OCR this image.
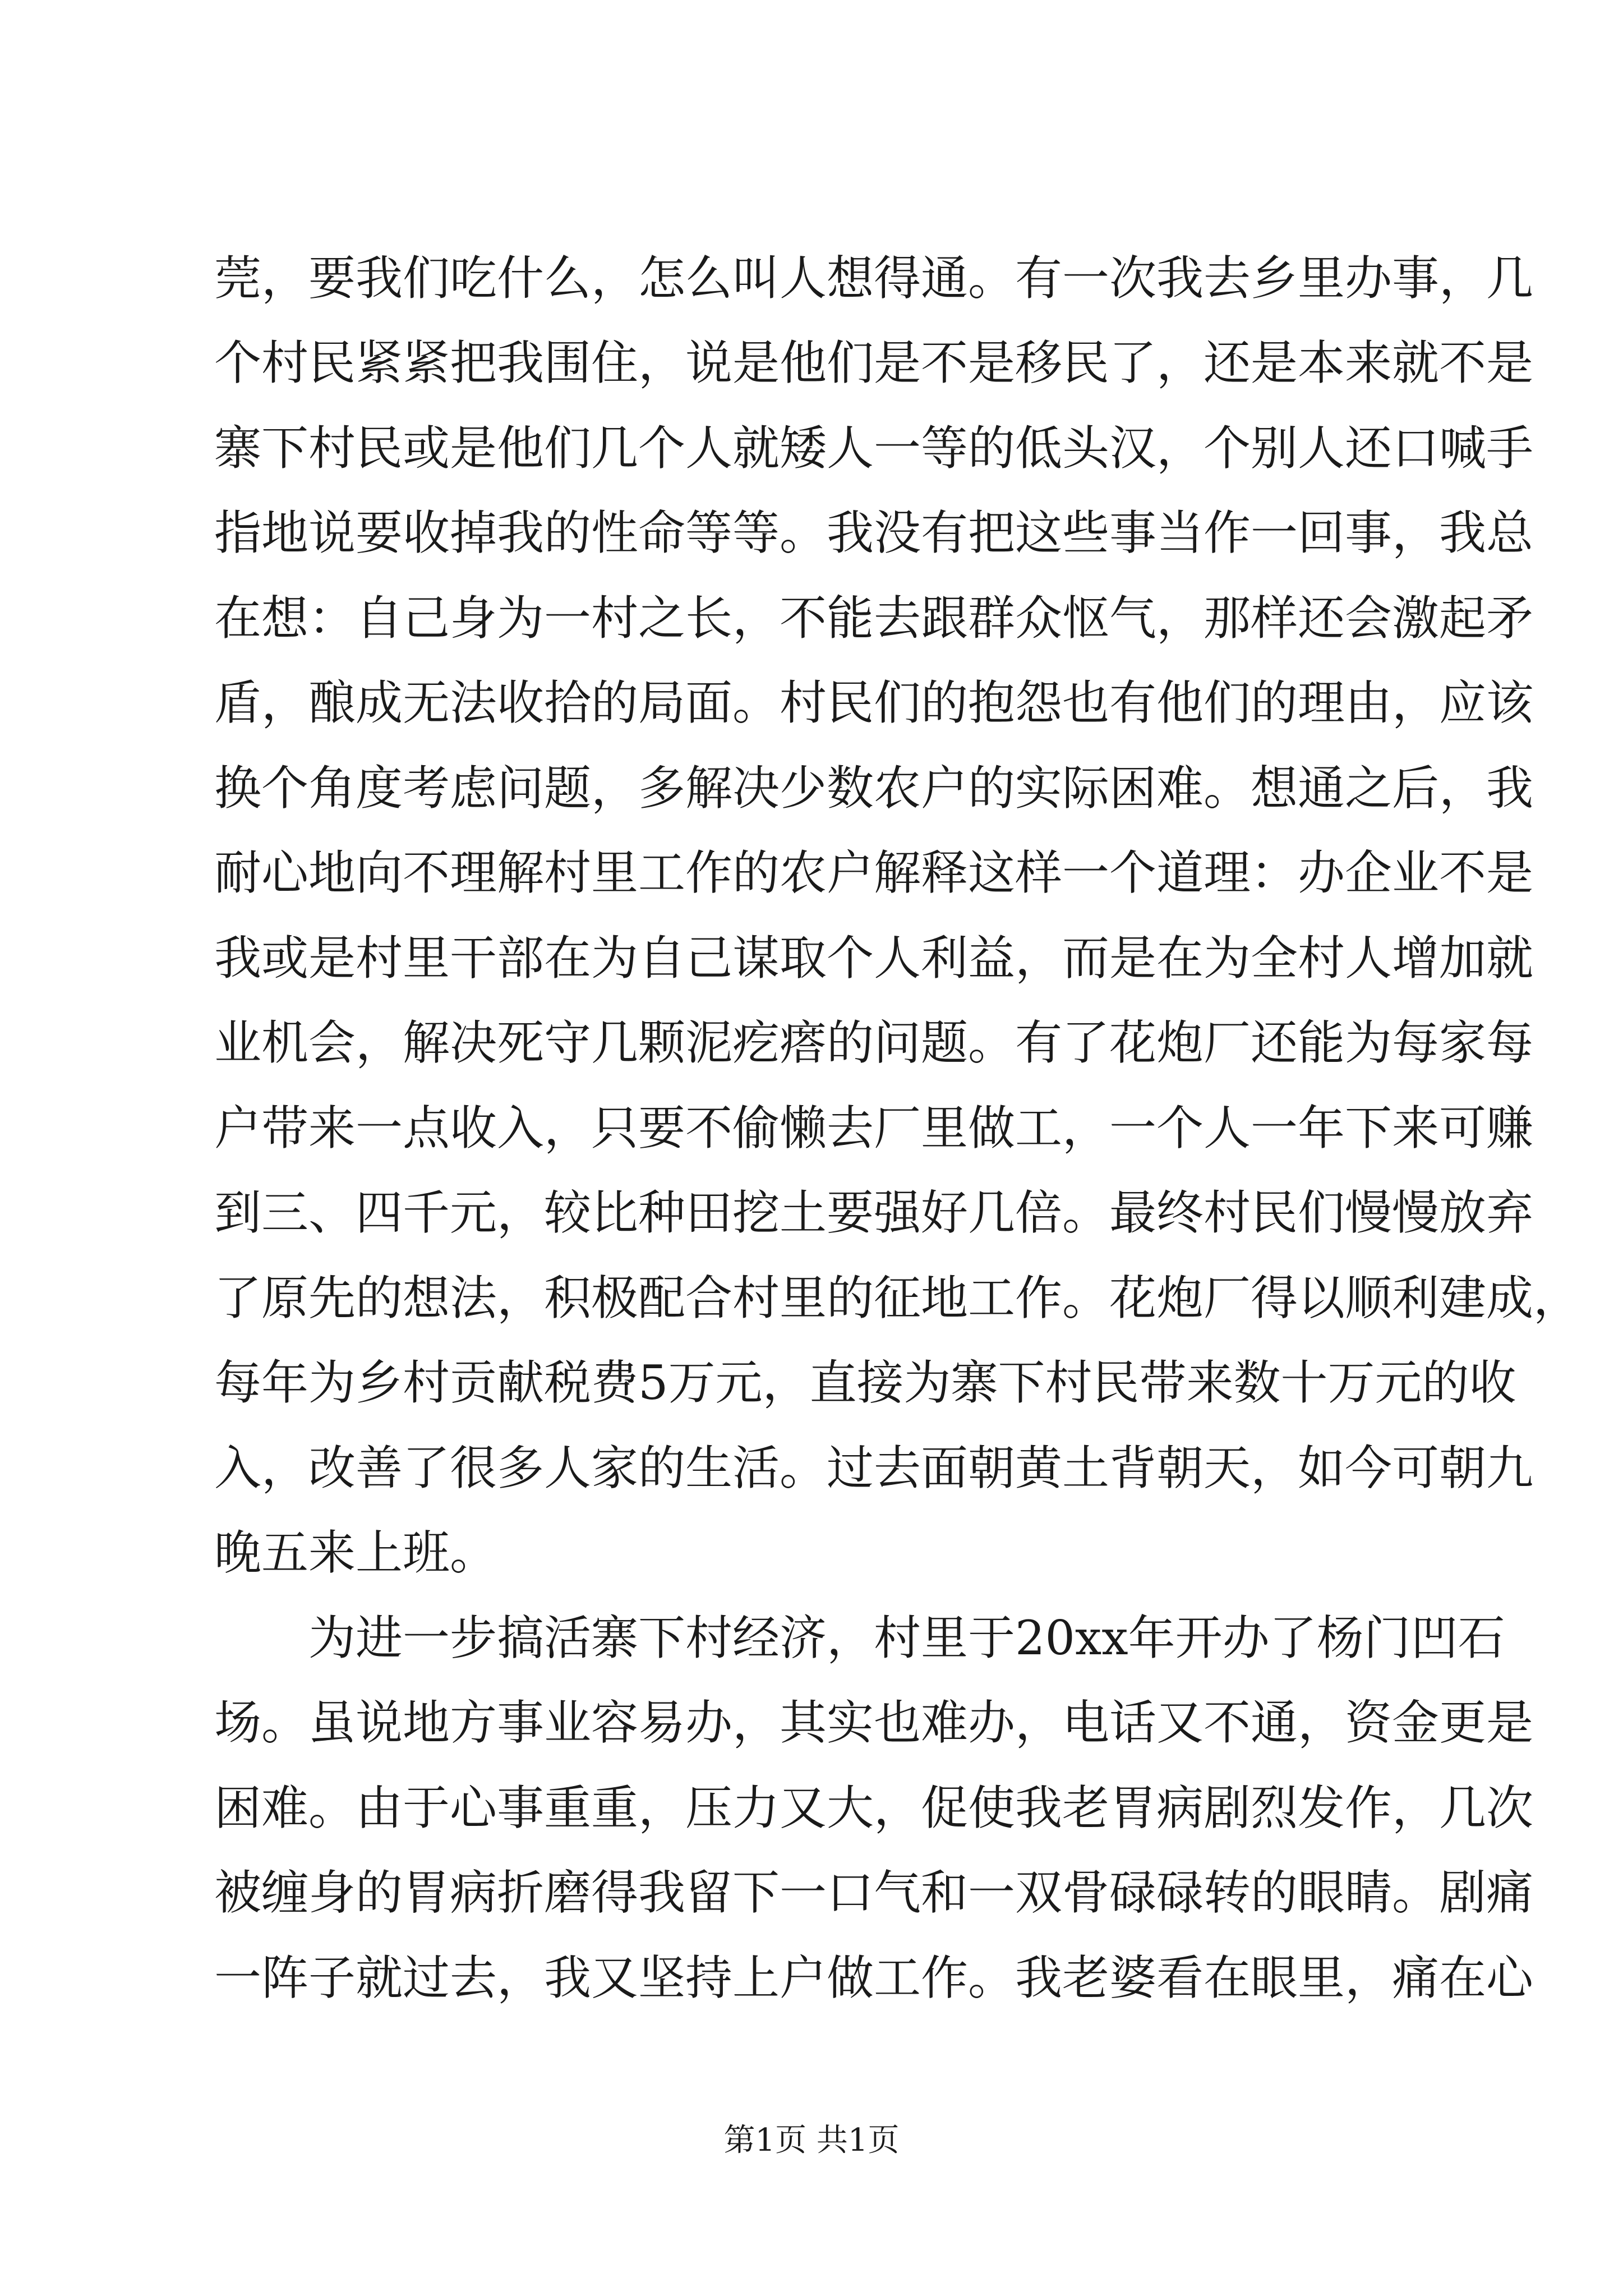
莞，要我们吃什么，怎么叫人想得通。有一次我去乡里办事，几
个村民紧紧把我围住，说是他们是不是移民了，还是本来就不是
寨下村民或是他们几个人就矮人一等的低头汉，个别人还口喊手
指地说要收掉我的性命等等。我没有把这些事当作一回事，我总
在想：自己身为一村之长，不能去跟群众怄气，那样还会激起矛
盾，酿成无法收拾的局面。村民们的抱怨也有他们的理由，应该
换个角度考虑问题，多解决少数农户的实际困难。想通之后，我
耐心地向不理解村里工作的农户解释这样一个道理：办企业不是
我或是村里干部在为自己谋取个人利益，而是在为全村人增加就
业机会，解决死守几颗泥疙瘩的问题。有了花炮厂还能为每家每
户带来一点收入，只要不偷懒去厂里做工，一个人一年下来可赚
到三、四千元，较比种田挖土要强好几倍。最终村民们慢慢放弃
了原先的想法，积极配合村里的征地工作。花炮厂得以顺利建成，
每年为乡村贡献税费5万元，直接为寨下村民带来数十万元的收
入，改善了很多人家的生活。过去面朝黄土背朝天，如今可朝九
晚五来上班。
为进一步搞活寨下村经济，村里于20xx年开办了杨门凹石
场。虽说地方事业容易办，其实也难办，电话又不通，资金更是
困难。由于心事重重，压力又大，促使我老胃病剧烈发作，几次
被缠身的胃病折磨得我留下一口气和一双骨碌碌转的眼睛。剧痛
一阵子就过去，我又坚持上户做工作。我老婆看在眼里，痛在心
第1页 共1页
